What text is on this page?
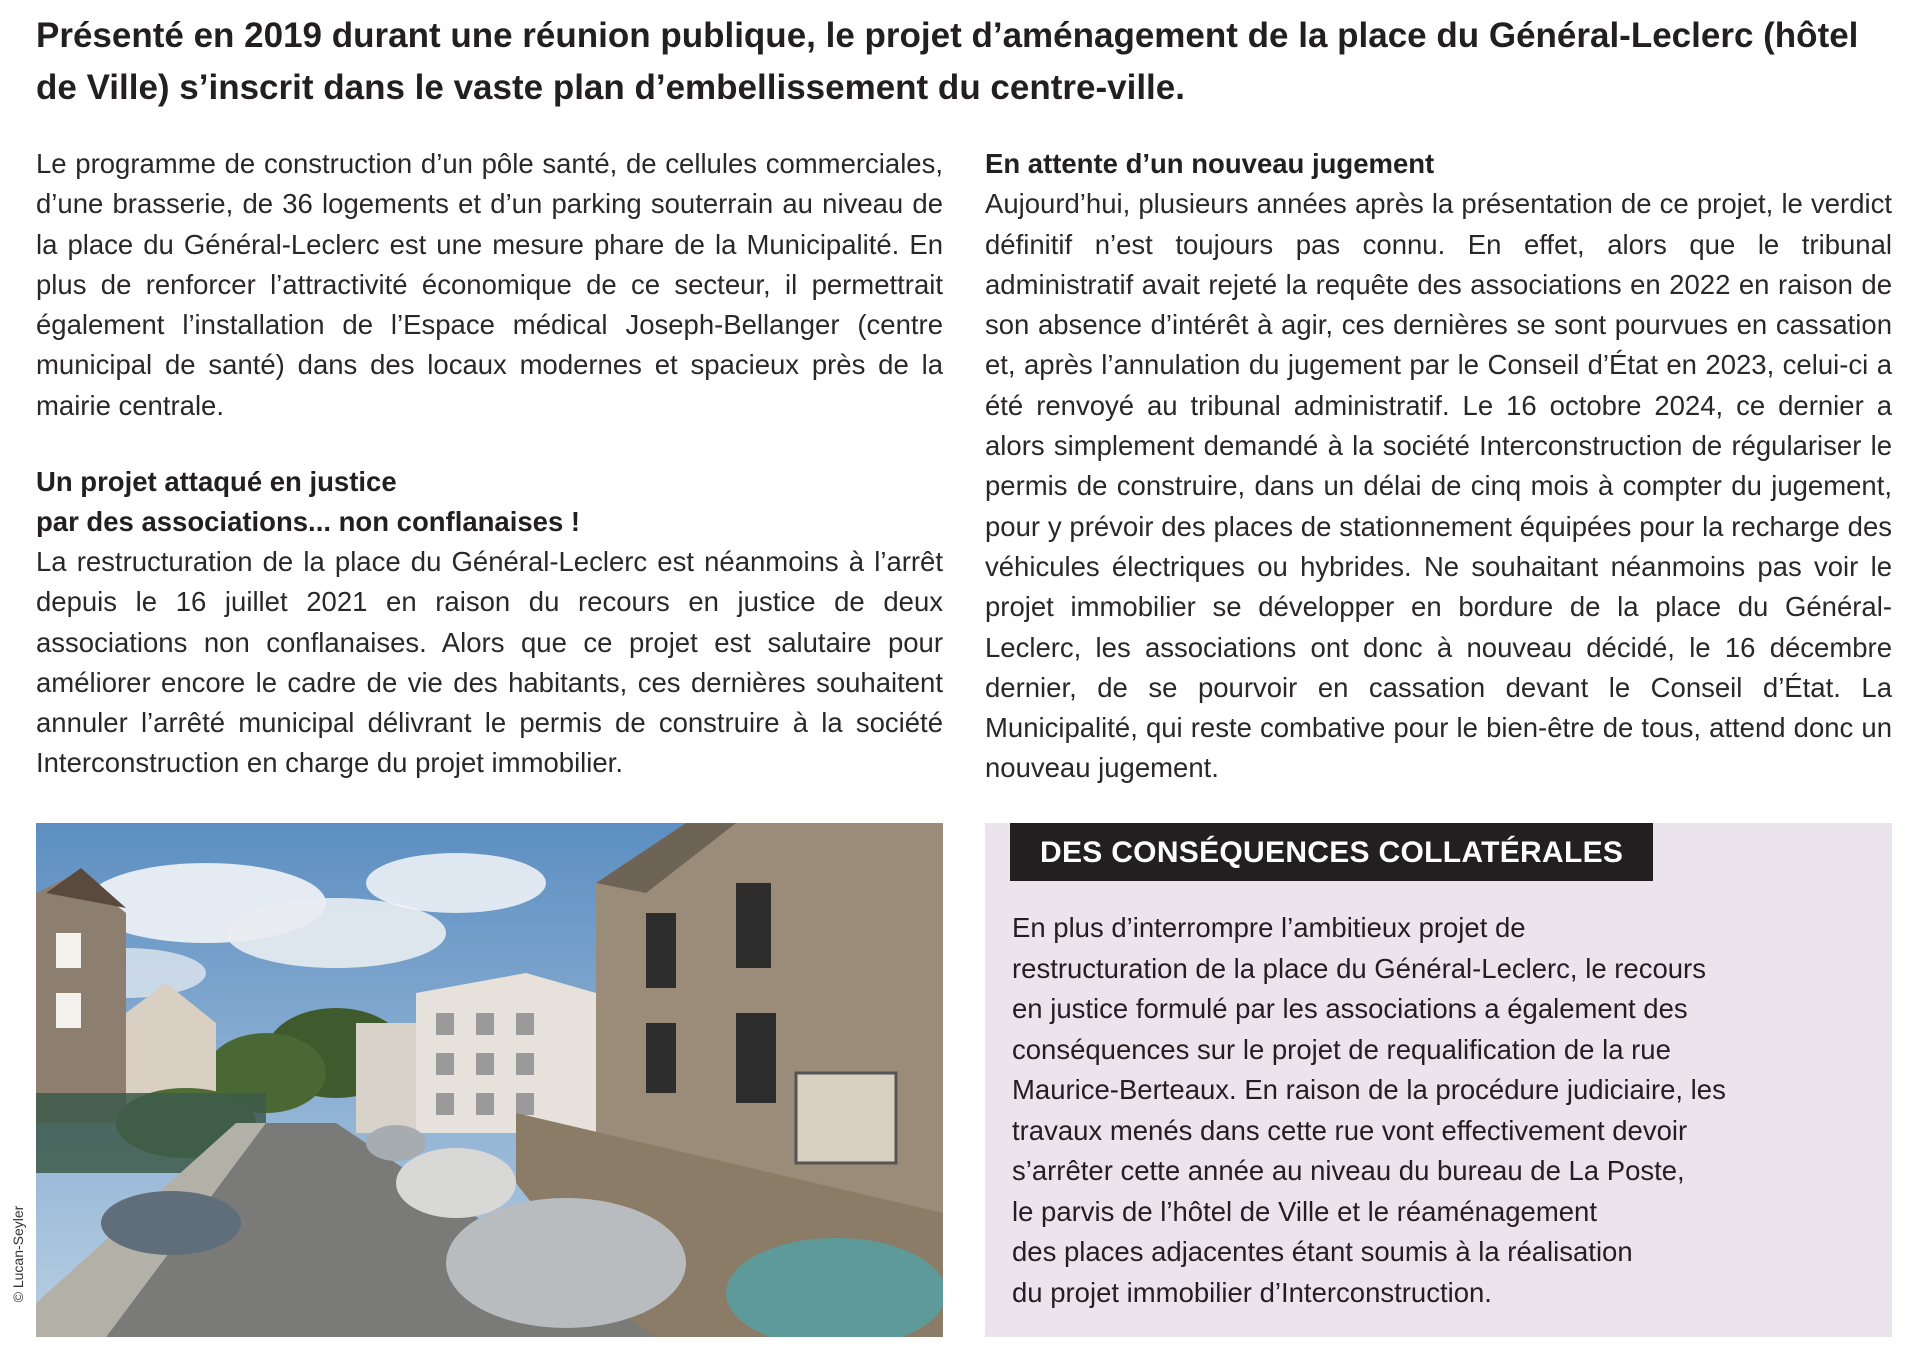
Présenté en 2019 durant une réunion publique, le projet d’aménagement de la place du Général-Leclerc (hôtel de Ville) s’inscrit dans le vaste plan d’embellissement du centre-ville.

Le programme de construction d’un pôle santé, de cellules commerciales, d’une brasserie, de 36 logements et d’un parking souterrain au niveau de la place du Général-Leclerc est une mesure phare de la Municipalité. En plus de renforcer l’attractivité économique de ce secteur, il permettrait également l’installation de l’Espace médical Joseph-Bellanger (centre municipal de santé) dans des locaux modernes et spacieux près de la mairie centrale.

Un projet attaqué en justice

par des associations... non conflanaises !

La restructuration de la place du Général-Leclerc est néanmoins à l’arrêt depuis le 16 juillet 2021 en raison du recours en justice de deux associations non conflanaises. Alors que ce projet est salutaire pour améliorer encore le cadre de vie des habitants, ces dernières souhaitent annuler l’arrêté municipal délivrant le permis de construire à la société Interconstruction en charge du projet immobilier.

En attente d’un nouveau jugement

Aujourd’hui, plusieurs années après la présentation de ce projet, le verdict définitif n’est toujours pas connu. En effet, alors que le tribunal administratif avait rejeté la requête des associations en 2022 en raison de son absence d’intérêt à agir, ces dernières se sont pourvues en cassation et, après l’annulation du jugement par le Conseil d’État en 2023, celui-ci a été renvoyé au tribunal administratif. Le 16 octobre 2024, ce dernier a alors simplement demandé à la société Interconstruction de régulariser le permis de construire, dans un délai de cinq mois à compter du jugement, pour y prévoir des places de stationnement équipées pour la recharge des véhicules électriques ou hybrides. Ne souhaitant néanmoins pas voir le projet immobilier se développer en bordure de la place du Général-Leclerc, les associations ont donc à nouveau décidé, le 16 décembre dernier, de se pourvoir en cassation devant le Conseil d’État. La Municipalité, qui reste combative pour le bien-être de tous, attend donc un nouveau jugement.

© Lucan-Seyler
DES CONSÉQUENCES COLLATÉRALES
En plus d’interrompre l’ambitieux projet de
restructuration de la place du Général-Leclerc, le recours
en justice formulé par les associations a également des
conséquences sur le projet de requalification de la rue
Maurice-Berteaux. En raison de la procédure judiciaire, les
travaux menés dans cette rue vont effectivement devoir
s’arrêter cette année au niveau du bureau de La Poste,
le parvis de l’hôtel de Ville et le réaménagement
des places adjacentes étant soumis à la réalisation
du projet immobilier d’Interconstruction.
